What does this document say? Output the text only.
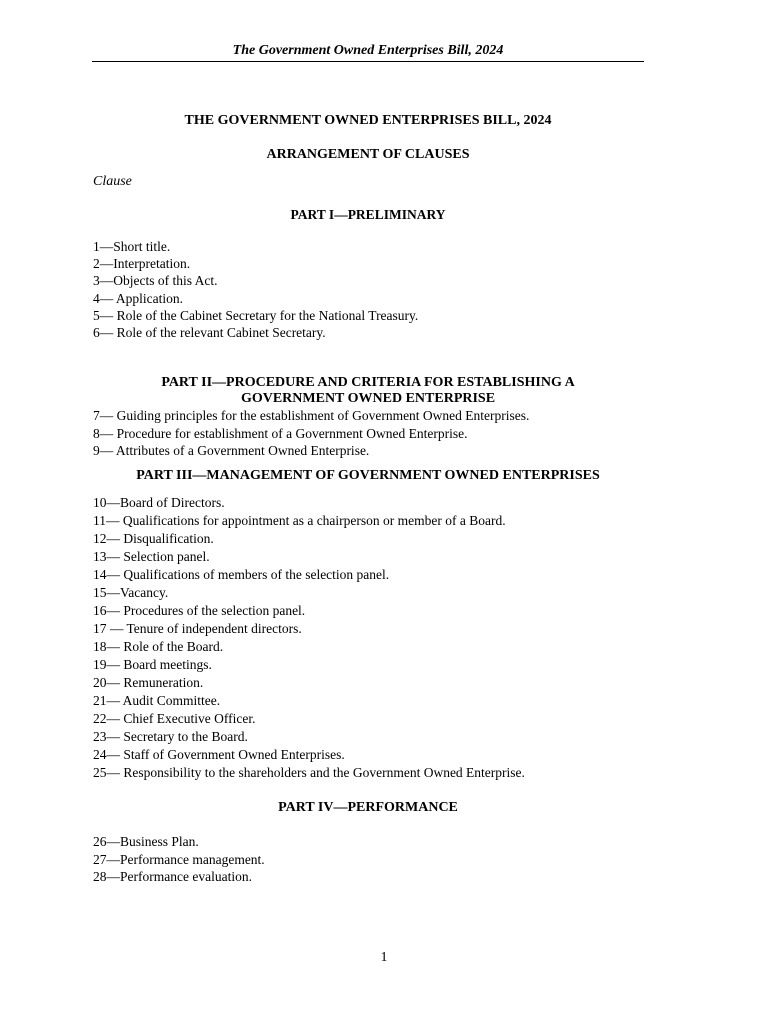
The Government Owned Enterprises Bill, 2024
THE GOVERNMENT OWNED ENTERPRISES BILL, 2024
ARRANGEMENT OF CLAUSES
Clause
PART I—PRELIMINARY
1—Short title.
2—Interpretation.
3—Objects of this Act.
4— Application.
5— Role of the Cabinet Secretary for the National Treasury.
6— Role of the relevant Cabinet Secretary.
PART II—PROCEDURE AND CRITERIA FOR ESTABLISHING A
GOVERNMENT OWNED ENTERPRISE
7— Guiding principles for the establishment of Government Owned Enterprises.
8— Procedure for establishment of a Government Owned Enterprise.
9— Attributes of a Government Owned Enterprise.
PART III—MANAGEMENT OF GOVERNMENT OWNED ENTERPRISES
10—Board of Directors.
11— Qualifications for appointment as a chairperson or member of a Board.
12— Disqualification.
13— Selection panel.
14— Qualifications of members of the selection panel.
15—Vacancy.
16— Procedures of the selection panel.
17 — Tenure of independent directors.
18— Role of the Board.
19— Board meetings.
20— Remuneration.
21— Audit Committee.
22— Chief Executive Officer.
23— Secretary to the Board.
24— Staff of Government Owned Enterprises.
25— Responsibility to the shareholders and the Government Owned Enterprise.
PART IV—PERFORMANCE
26—Business Plan.
27—Performance management.
28—Performance evaluation.
1
